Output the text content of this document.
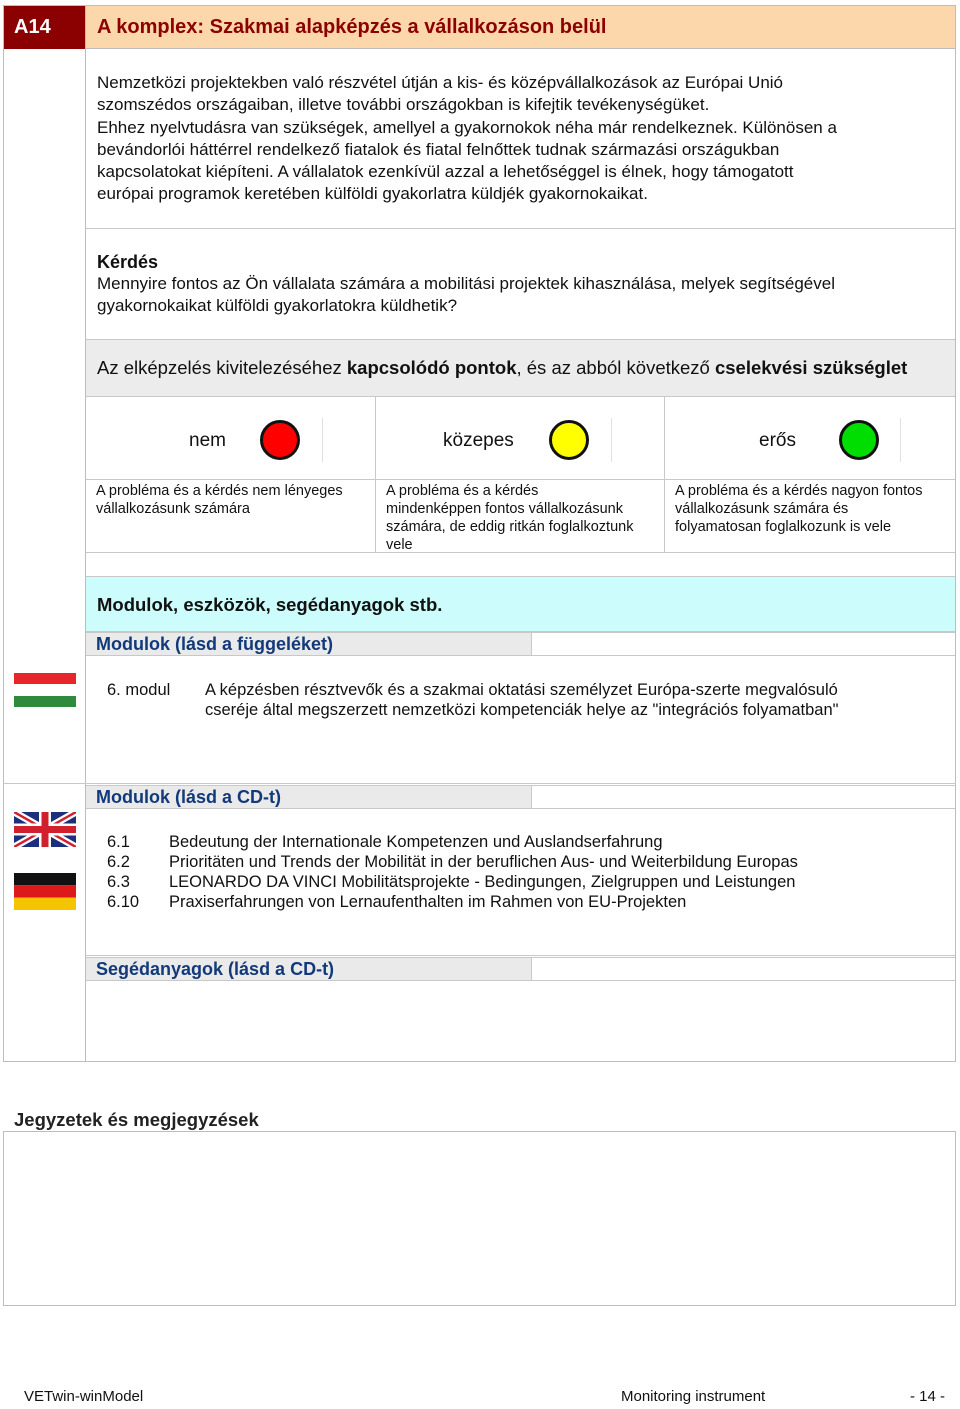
A14	A komplex: Szakmai alapképzés a vállalkozáson belül
Nemzetközi projektekben való részvétel útján a kis- és középvállalkozások az Európai Unió
szomszédos országaiban, illetve további országokban is kifejtik tevékenységüket.
Ehhez nyelvtudásra van szükségek, amellyel a gyakornokok néha már rendelkeznek. Különösen a
bevándorlói háttérrel rendelkező fiatalok és fiatal felnőttek tudnak származási országukban
kapcsolatokat kiépíteni. A vállalatok ezenkívül azzal a lehetőséggel is élnek, hogy támogatott
európai programok keretében külföldi gyakorlatra küldjék gyakornokaikat.
Kérdés
Mennyire fontos az Ön vállalata számára a mobilitási projektek kihasználása, melyek segítségével
gyakornokaikat külföldi gyakorlatokra küldhetik?
Az elképzelés kivitelezéséhez kapcsolódó pontok, és az abból következő cselekvési szükséglet
nem	közepes	erős
A probléma és a kérdés nem lényeges
vállalkozásunk számára
A probléma és a kérdés
mindenképpen fontos vállalkozásunk
számára, de eddig ritkán foglalkoztunk
vele
A probléma és a kérdés nagyon fontos
vállalkozásunk számára és
folyamatosan foglalkozunk is vele
Modulok, eszközök, segédanyagok stb.
Modulok (lásd a függeléket)
6. modul A képzésben résztvevők és a szakmai oktatási személyzet Európa-szerte megvalósuló
cseréje által megszerzett nemzetközi kompetenciák helye az "integrációs folyamatban"
Modulok (lásd a CD-t)
6.1	Bedeutung der Internationale Kompetenzen und Auslandserfahrung
6.2	Prioritäten und Trends der Mobilität in der beruflichen Aus- und Weiterbildung Europas
6.3	LEONARDO DA VINCI Mobilitätsprojekte - Bedingungen, Zielgruppen und Leistungen
6.10	Praxiserfahrungen von Lernaufenthalten im Rahmen von EU-Projekten
Segédanyagok (lásd a CD-t)
Jegyzetek és megjegyzések
VETwin-winModel	Monitoring instrument	- 14 -
